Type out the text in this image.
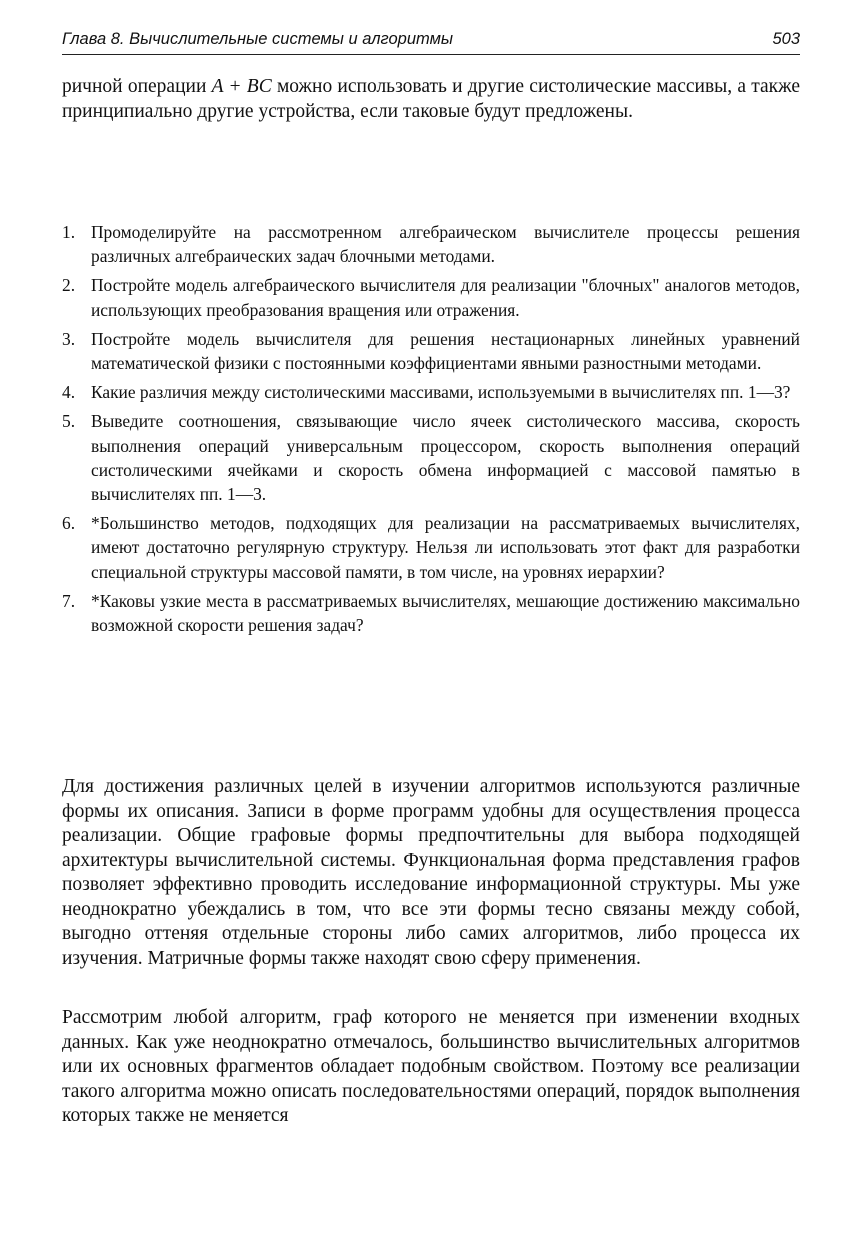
Глава 8. Вычислительные системы и алгоритмы	503

ричной операции A + BC можно использовать и другие систолические массивы, а также принципиально другие устройства, если таковые будут предложены.

1. Промоделируйте на рассмотренном алгебраическом вычислителе процессы решения различных алгебраических задач блочными методами.
2. Постройте модель алгебраического вычислителя для реализации "блочных" аналогов методов, использующих преобразования вращения или отражения.
3. Постройте модель вычислителя для решения нестационарных линейных уравнений математической физики с постоянными коэффициентами явными разностными методами.
4. Какие различия между систолическими массивами, используемыми в вычислителях пп. 1—3?
5. Выведите соотношения, связывающие число ячеек систолического массива, скорость выполнения операций универсальным процессором, скорость выполнения операций систолическими ячейками и скорость обмена информацией с массовой памятью в вычислителях пп. 1—3.
6. *Большинство методов, подходящих для реализации на рассматриваемых вычислителях, имеют достаточно регулярную структуру. Нельзя ли использовать этот факт для разработки специальной структуры массовой памяти, в том числе, на уровнях иерархии?
7. *Каковы узкие места в рассматриваемых вычислителях, мешающие достижению максимально возможной скорости решения задач?

Для достижения различных целей в изучении алгоритмов используются различные формы их описания. Записи в форме программ удобны для осуществления процесса реализации. Общие графовые формы предпочтительны для выбора подходящей архитектуры вычислительной системы. Функциональная форма представления графов позволяет эффективно проводить исследование информационной структуры. Мы уже неоднократно убеждались в том, что все эти формы тесно связаны между собой, выгодно оттеняя отдельные стороны либо самих алгоритмов, либо процесса их изучения. Матричные формы также находят свою сферу применения.

Рассмотрим любой алгоритм, граф которого не меняется при изменении входных данных. Как уже неоднократно отмечалось, большинство вычислительных алгоритмов или их основных фрагментов обладает подобным свойством. Поэтому все реализации такого алгоритма можно описать последовательностями операций, порядок выполнения которых также не меняется
